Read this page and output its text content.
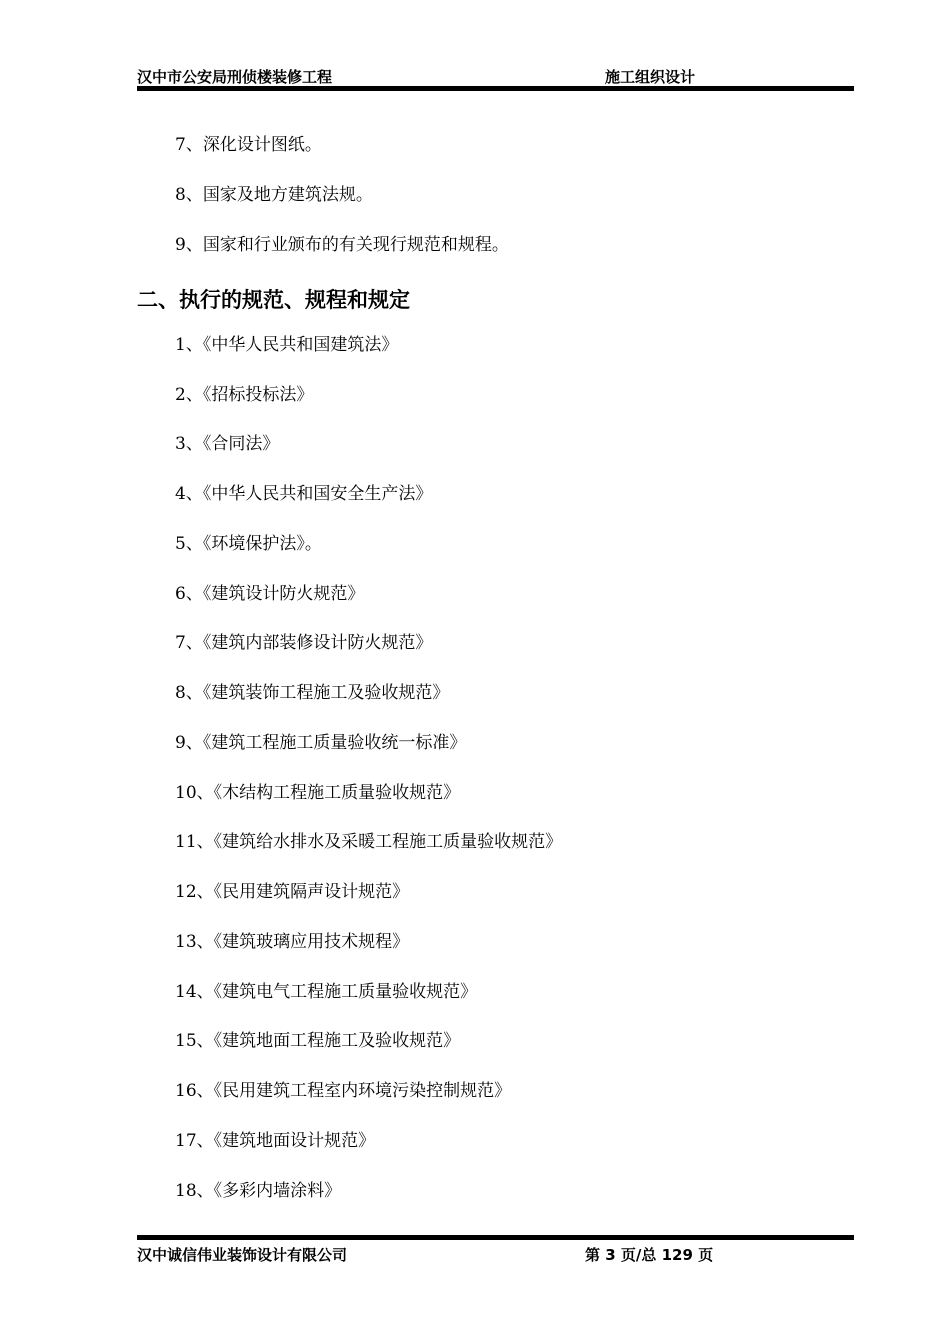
汉中市公安局刑侦楼装修工程	施工组织设计
7、深化设计图纸。
8、国家及地方建筑法规。
9、国家和行业颁布的有关现行规范和规程。
二、执行的规范、规程和规定
1、《中华人民共和国建筑法》
2、《招标投标法》
3、《合同法》
4、《中华人民共和国安全生产法》
5、《环境保护法》。
6、《建筑设计防火规范》
7、《建筑内部装修设计防火规范》
8、《建筑装饰工程施工及验收规范》
9、《建筑工程施工质量验收统一标准》
10、《木结构工程施工质量验收规范》
11、《建筑给水排水及采暖工程施工质量验收规范》
12、《民用建筑隔声设计规范》
13、《建筑玻璃应用技术规程》
14、《建筑电气工程施工质量验收规范》
15、《建筑地面工程施工及验收规范》
16、《民用建筑工程室内环境污染控制规范》
17、《建筑地面设计规范》
18、《多彩内墙涂料》
汉中诚信伟业装饰设计有限公司	第 3 页/总 129 页
